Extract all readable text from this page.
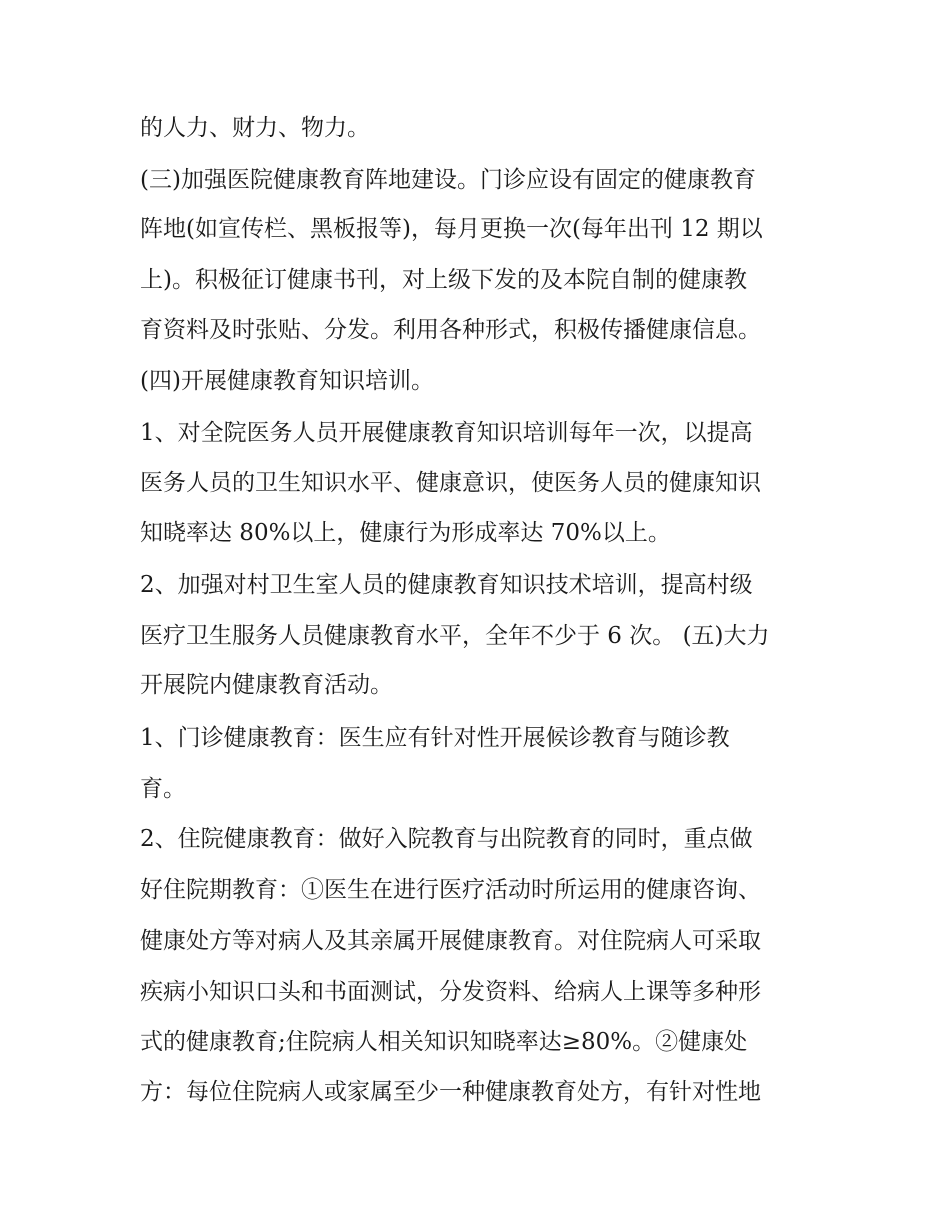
的人力、财力、物力。
(三)加强医院健康教育阵地建设。门诊应设有固定的健康教育
阵地(如宣传栏、黑板报等)，每月更换一次(每年出刊 12 期以
上)。积极征订健康书刊，对上级下发的及本院自制的健康教
育资料及时张贴、分发。利用各种形式，积极传播健康信息。
(四)开展健康教育知识培训。
1、对全院医务人员开展健康教育知识培训每年一次，以提高
医务人员的卫生知识水平、健康意识，使医务人员的健康知识
知晓率达 80%以上，健康行为形成率达 70%以上。
2、加强对村卫生室人员的健康教育知识技术培训，提高村级
医疗卫生服务人员健康教育水平，全年不少于 6 次。 (五)大力
开展院内健康教育活动。
1、门诊健康教育：医生应有针对性开展候诊教育与随诊教
育。
2、住院健康教育：做好入院教育与出院教育的同时，重点做
好住院期教育：①医生在进行医疗活动时所运用的健康咨询、
健康处方等对病人及其亲属开展健康教育。对住院病人可采取
疾病小知识口头和书面测试，分发资料、给病人上课等多种形
式的健康教育;住院病人相关知识知晓率达≥80%。②健康处
方：每位住院病人或家属至少一种健康教育处方，有针对性地
